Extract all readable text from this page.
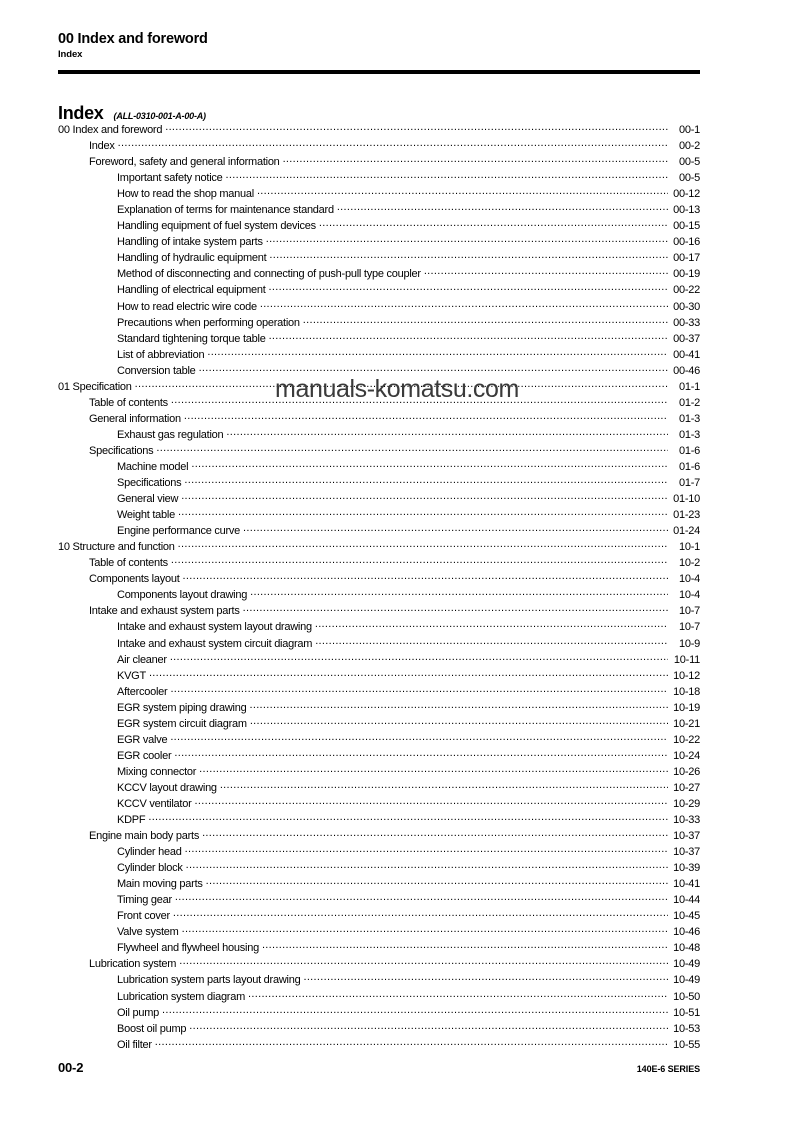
00 Index and foreword
Index
Index (ALL-0310-001-A-00-A)
00 Index and foreword .....	00-1
Index .....	00-2
Foreword, safety and general information .....	00-5
Important safety notice .....	00-5
How to read the shop manual .....	00-12
Explanation of terms for maintenance standard .....	00-13
Handling equipment of fuel system devices .....	00-15
Handling of intake system parts .....	00-16
Handling of hydraulic equipment .....	00-17
Method of disconnecting and connecting of push-pull type coupler .....	00-19
Handling of electrical equipment .....	00-22
How to read electric wire code .....	00-30
Precautions when performing operation .....	00-33
Standard tightening torque table .....	00-37
List of abbreviation .....	00-41
Conversion table .....	00-46
01 Specification .....	01-1
Table of contents .....	01-2
General information .....	01-3
Exhaust gas regulation .....	01-3
Specifications .....	01-6
Machine model .....	01-6
Specifications .....	01-7
General view .....	01-10
Weight table .....	01-23
Engine performance curve .....	01-24
10 Structure and function .....	10-1
Table of contents .....	10-2
Components layout .....	10-4
Components layout drawing .....	10-4
Intake and exhaust system parts .....	10-7
Intake and exhaust system layout drawing .....	10-7
Intake and exhaust system circuit diagram .....	10-9
Air cleaner .....	10-11
KVGT .....	10-12
Aftercooler .....	10-18
EGR system piping drawing .....	10-19
EGR system circuit diagram .....	10-21
EGR valve .....	10-22
EGR cooler .....	10-24
Mixing connector .....	10-26
KCCV layout drawing .....	10-27
KCCV ventilator .....	10-29
KDPF .....	10-33
Engine main body parts .....	10-37
Cylinder head .....	10-37
Cylinder block .....	10-39
Main moving parts .....	10-41
Timing gear .....	10-44
Front cover .....	10-45
Valve system .....	10-46
Flywheel and flywheel housing .....	10-48
Lubrication system .....	10-49
Lubrication system parts layout drawing .....	10-49
Lubrication system diagram .....	10-50
Oil pump .....	10-51
Boost oil pump .....	10-53
Oil filter .....	10-55
manuals-komatsu.com
00-2	140E-6 SERIES
